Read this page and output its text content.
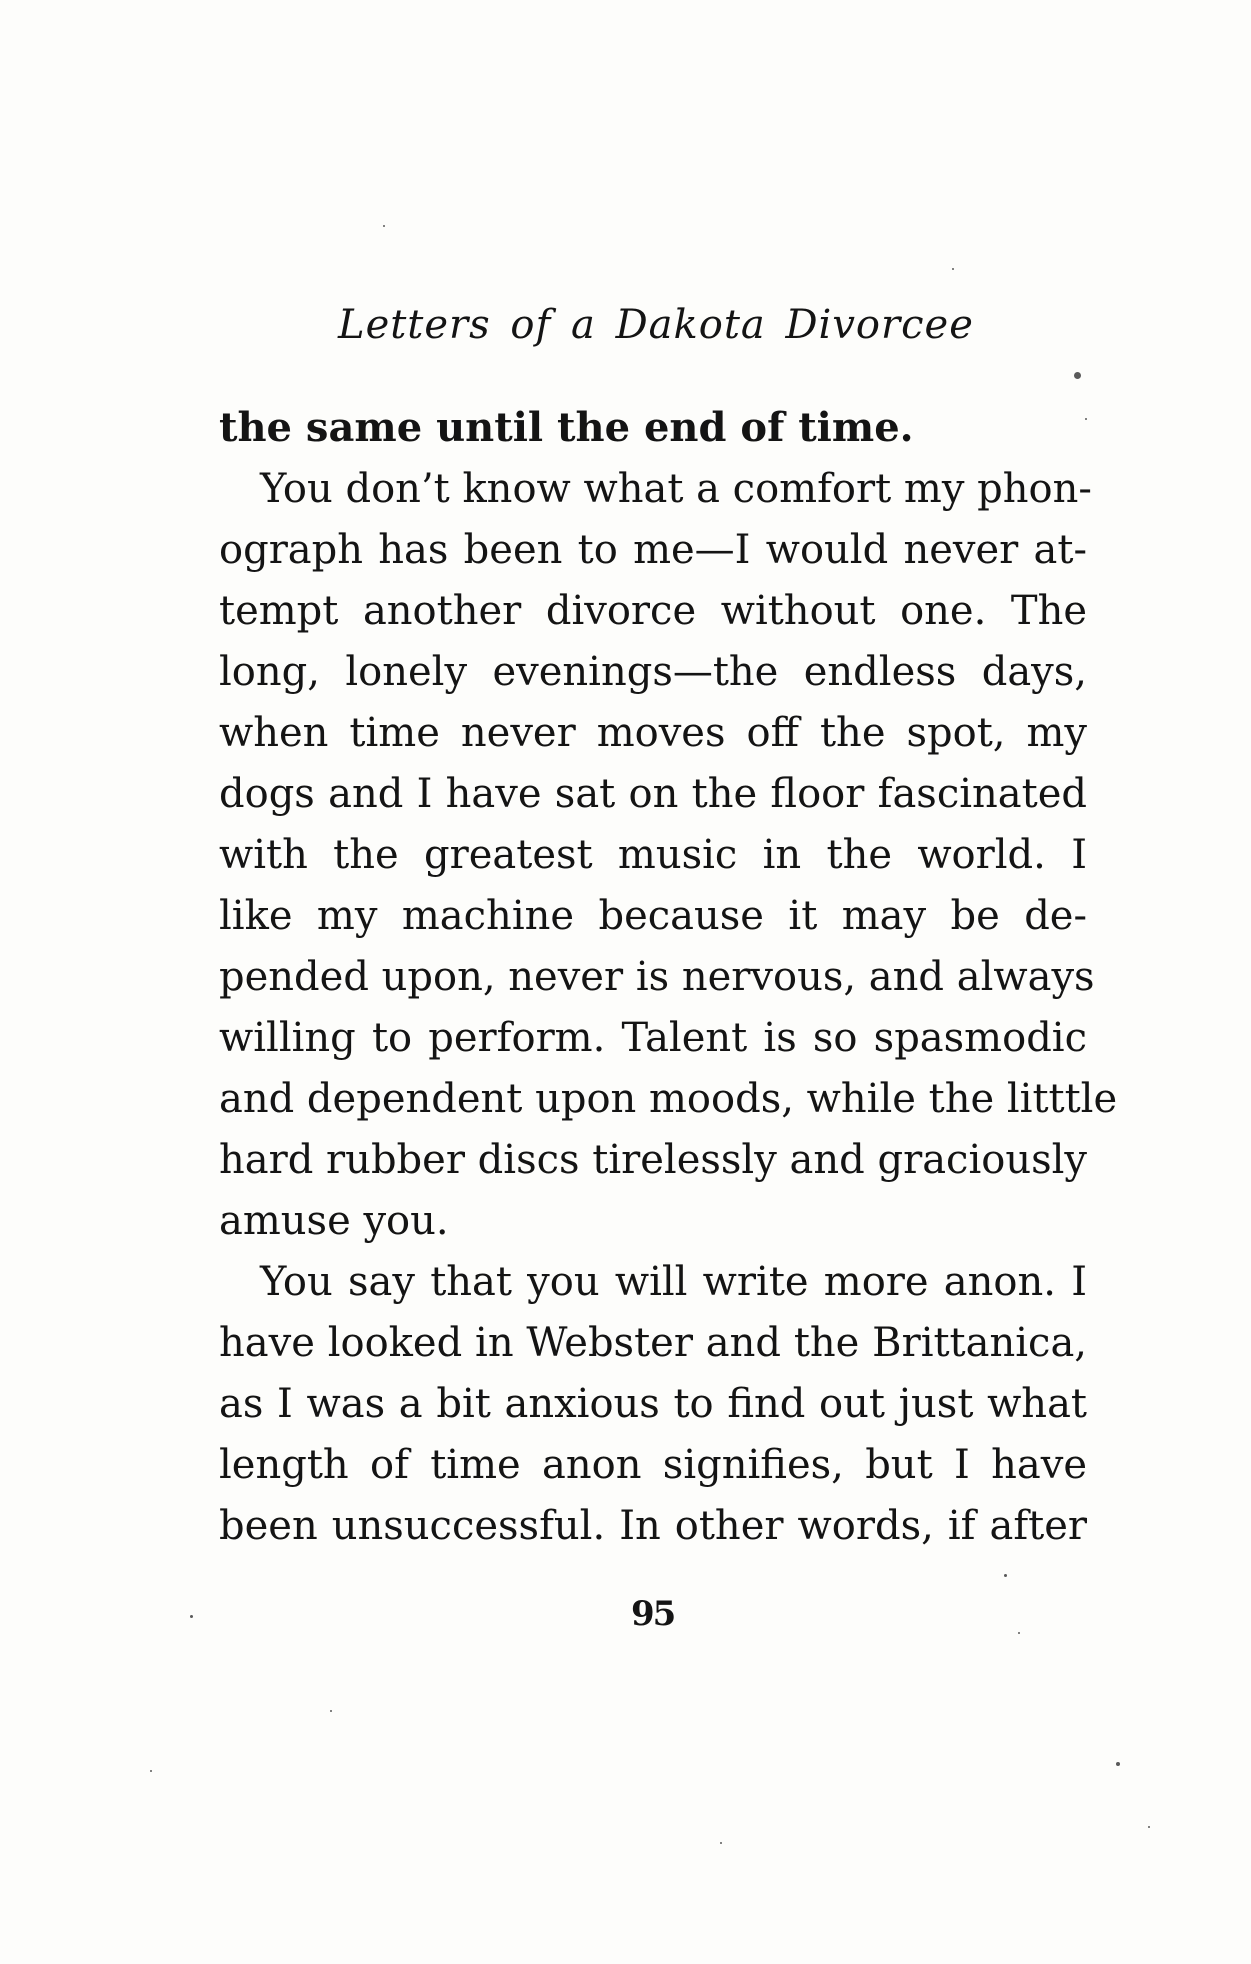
Letters of a Dakota Divorcee
the same until the end of time.
You don’t know what a comfort my phon-
ograph has been to me—I would never at-
tempt another divorce without one. The
long, lonely evenings—the endless days,
when time never moves off the spot, my
dogs and I have sat on the floor fascinated
with the greatest music in the world. I
like my machine because it may be de-
pended upon, never is nervous, and always
willing to perform. Talent is so spasmodic
and dependent upon moods, while the litttle
hard rubber discs tirelessly and graciously
amuse you.
You say that you will write more anon. I
have looked in Webster and the Brittanica,
as I was a bit anxious to find out just what
length of time anon signifies, but I have
been unsuccessful. In other words, if after
95
